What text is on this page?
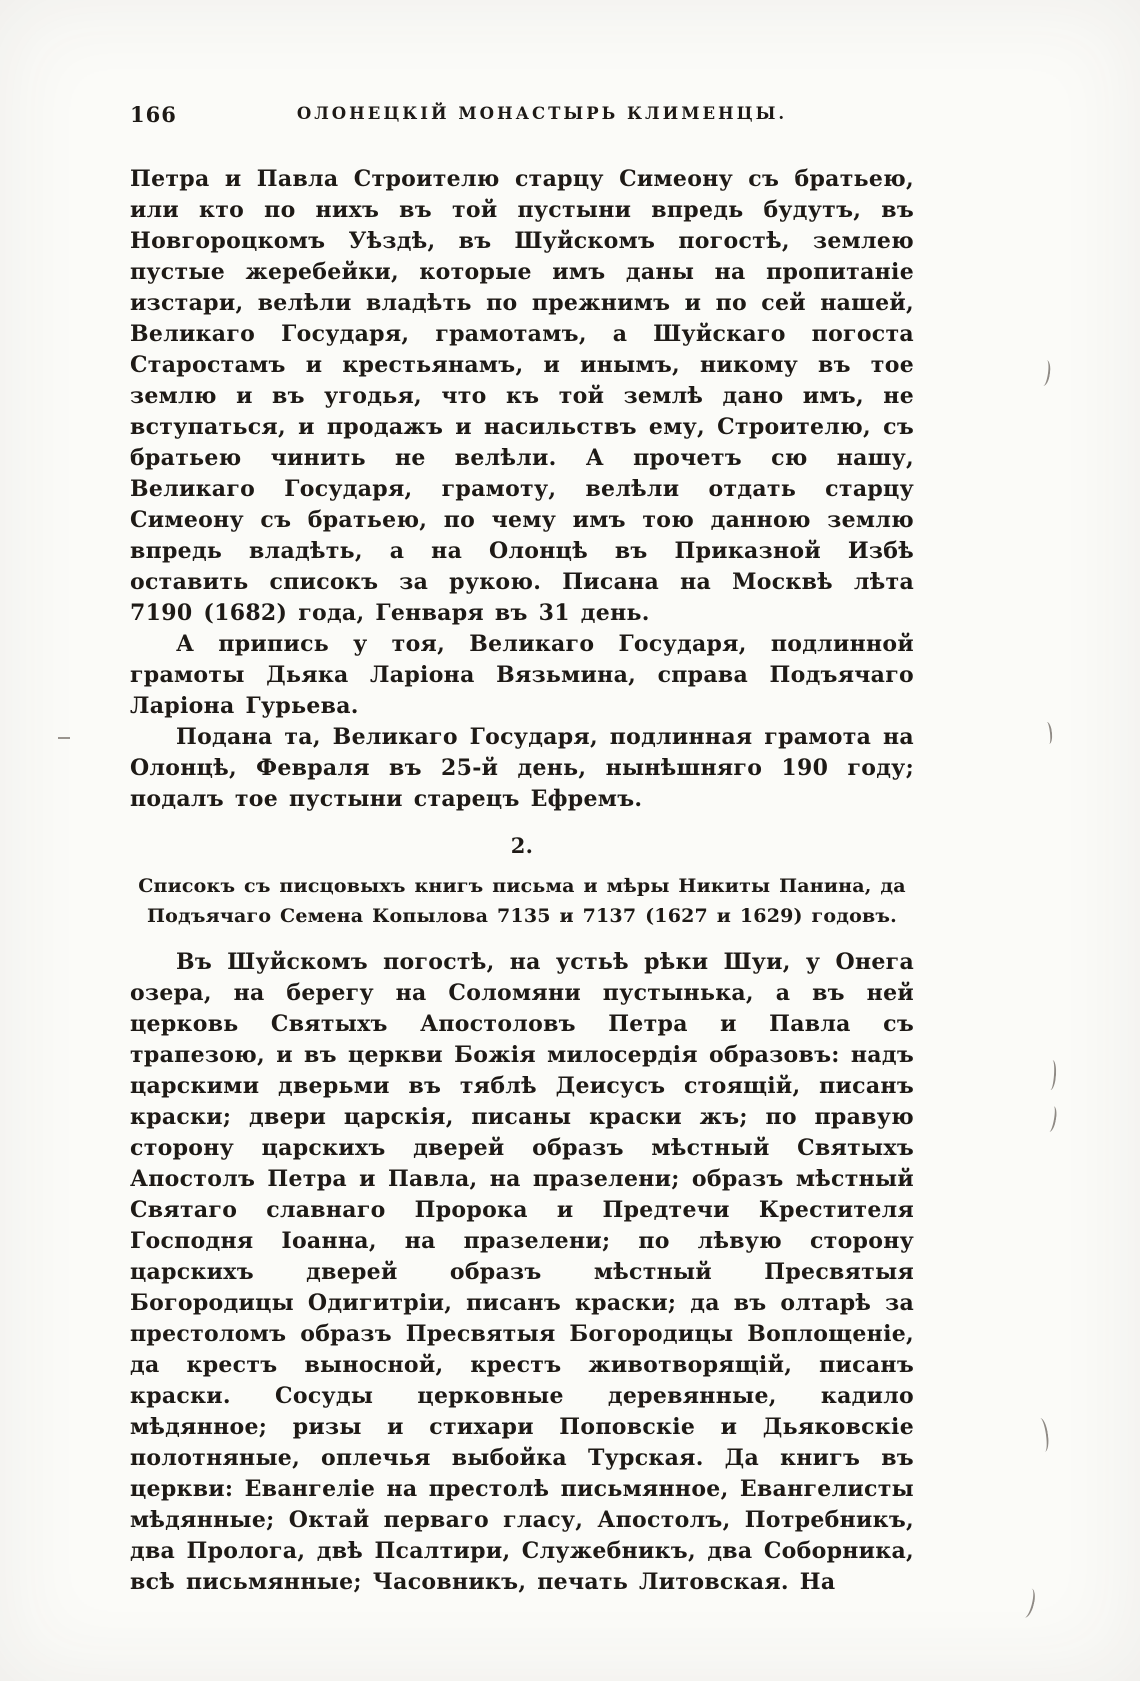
166	ОЛОНЕЦКІЙ МОНАСТЫРЬ КЛИМЕНЦЫ.

Петра и Павла Строителю старцу Симеону съ братьею, или кто по нихъ въ той пустыни впредь будутъ, въ Новгороцкомъ Уѣздѣ, въ Шуйскомъ погостѣ, землею пустые жеребейки, которые имъ даны на пропитаніе изстари, велѣли владѣть по прежнимъ и по сей нашей, Великаго Государя, грамотамъ, а Шуйскаго погоста Старостамъ и крестьянамъ, и инымъ, никому въ тое землю и въ угодья, что къ той землѣ дано имъ, не вступаться, и продажъ и насильствъ ему, Строителю, съ братьею чинить не велѣли. А прочетъ сю нашу, Великаго Государя, грамоту, велѣли отдать старцу Симеону съ братьею, по чему имъ тою данною землю впредь владѣть, а на Олонцѣ въ Приказной Избѣ оставить списокъ за рукою. Писана на Москвѣ лѣта 7190 (1682) года, Генваря въ 31 день.

А припись у тоя, Великаго Государя, подлинной грамоты Дьяка Ларіона Вязьмина, справа Подъячаго Ларіона Гурьева.

Подана та, Великаго Государя, подлинная грамота на Олонцѣ, Февраля въ 25-й день, нынѣшняго 190 году; подалъ тое пустыни старецъ Ефремъ.

2.
Списокъ съ писцовыхъ книгъ письма и мѣры Никиты Панина, да Подъячаго Семена Копылова 7135 и 7137 (1627 и 1629) годовъ.

Въ Шуйскомъ погостѣ, на устьѣ рѣки Шуи, у Онега озера, на берегу на Соломяни пустынька, а въ ней церковь Святыхъ Апостоловъ Петра и Павла съ трапезою, и въ церкви Божія милосердія образовъ: надъ царскими дверьми въ тяблѣ Деисусъ стоящій, писанъ краски; двери царскія, писаны краски жъ; по правую сторону царскихъ дверей образъ мѣстный Святыхъ Апостолъ Петра и Павла, на празелени; образъ мѣстный Святаго славнаго Пророка и Предтечи Крестителя Господня Іоанна, на празелени; по лѣвую сторону царскихъ дверей образъ мѣстный Пресвятыя Богородицы Одигитріи, писанъ краски; да въ олтарѣ за престоломъ образъ Пресвятыя Богородицы Воплощеніе, да крестъ выносной, крестъ животворящій, писанъ краски. Сосуды церковные деревянные, кадило мѣдянное; ризы и стихари Поповскіе и Дьяковскіе полотняные, оплечья выбойка Турская. Да книгъ въ церкви: Евангеліе на престолѣ письмянное, Евангелисты мѣдянные; Октай перваго гласу, Апостолъ, Потребникъ, два Пролога, двѣ Псалтири, Служебникъ, два Соборника, всѣ письмянные; Часовникъ, печать Литовская. На
